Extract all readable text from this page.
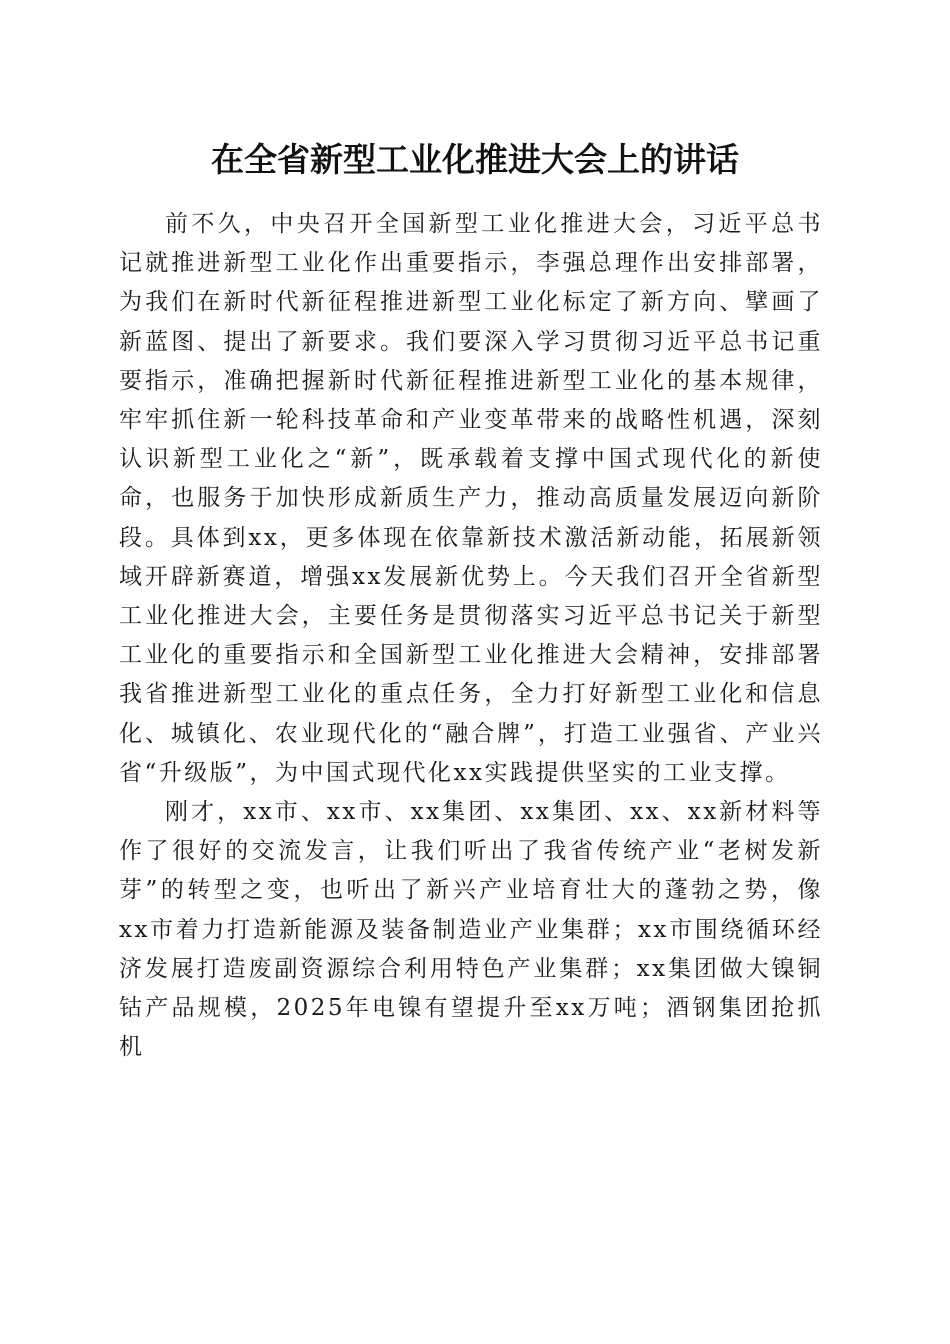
在全省新型工业化推进大会上的讲话

前不久，中央召开全国新型工业化推进大会，习近平总书记就推进新型工业化作出重要指示，李强总理作出安排部署，为我们在新时代新征程推进新型工业化标定了新方向、擘画了新蓝图、提出了新要求。我们要深入学习贯彻习近平总书记重要指示，准确把握新时代新征程推进新型工业化的基本规律，牢牢抓住新一轮科技革命和产业变革带来的战略性机遇，深刻认识新型工业化之“新”，既承载着支撑中国式现代化的新使命，也服务于加快形成新质生产力，推动高质量发展迈向新阶段。具体到xx，更多体现在依靠新技术激活新动能，拓展新领域开辟新赛道，增强xx发展新优势上。今天我们召开全省新型工业化推进大会，主要任务是贯彻落实习近平总书记关于新型工业化的重要指示和全国新型工业化推进大会精神，安排部署我省推进新型工业化的重点任务，全力打好新型工业化和信息化、城镇化、农业现代化的“融合牌”，打造工业强省、产业兴省“升级版”，为中国式现代化xx实践提供坚实的工业支撑。

刚才，xx市、xx市、xx集团、xx集团、xx、xx新材料等作了很好的交流发言，让我们听出了我省传统产业“老树发新芽”的转型之变，也听出了新兴产业培育壮大的蓬勃之势，像xx市着力打造新能源及装备制造业产业集群；xx市围绕循环经济发展打造废副资源综合利用特色产业集群；xx集团做大镍铜钴产品规模，2025年电镍有望提升至xx万吨；酒钢集团抢抓机
